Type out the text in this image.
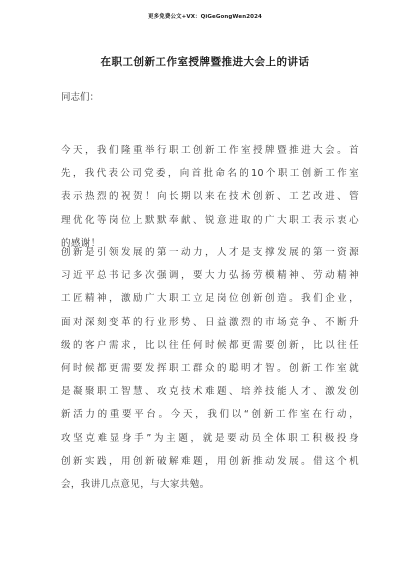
更多免费公文+VX：QiGeGongWen2024
在职工创新工作室授牌暨推进大会上的讲话
同志们：
今天，我们隆重举行职工创新工作室授牌暨推进大会。首
先，我代表公司党委，向首批命名的10个职工创新工作室
表示热烈的祝贺！向长期以来在技术创新、工艺改进、管
理优化等岗位上默默奉献、锐意进取的广大职工表示衷心
的感谢！
创新是引领发展的第一动力，人才是支撑发展的第一资源
习近平总书记多次强调，要大力弘扬劳模精神、劳动精神
工匠精神，激励广大职工立足岗位创新创造。我们企业，
面对深刻变革的行业形势、日益激烈的市场竞争、不断升
级的客户需求，比以往任何时候都更需要创新，比以往任
何时候都更需要发挥职工群众的聪明才智。创新工作室就
是凝聚职工智慧、攻克技术难题、培养技能人才、激发创
新活力的重要平台。今天，我们以“创新工作室在行动，
攻坚克难显身手”为主题，就是要动员全体职工积极投身
创新实践，用创新破解难题，用创新推动发展。借这个机
会，我讲几点意见，与大家共勉。
